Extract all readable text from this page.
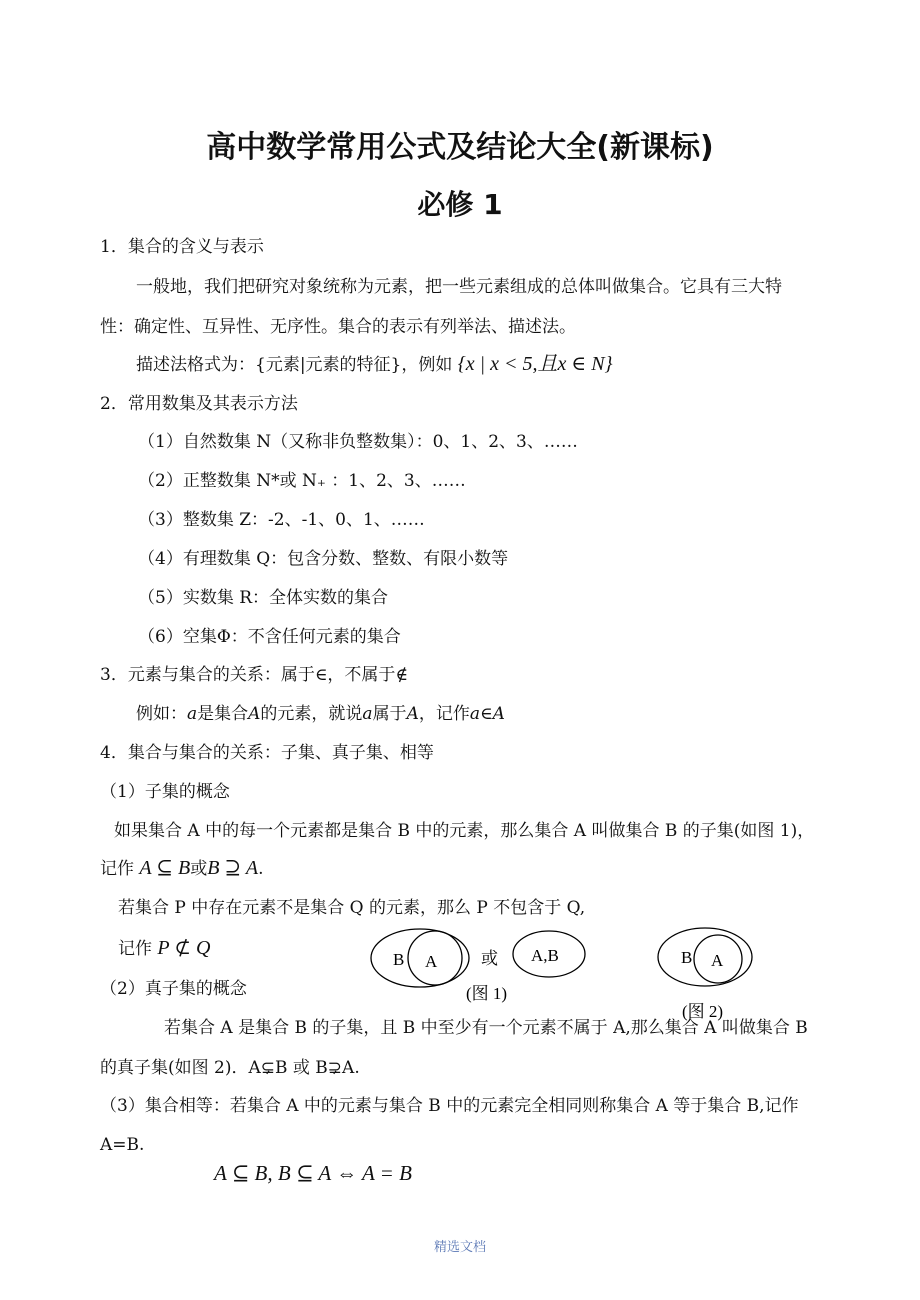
高中数学常用公式及结论大全(新课标)
必修 1
1．集合的含义与表示
一般地，我们把研究对象统称为元素，把一些元素组成的总体叫做集合。它具有三大特
性：确定性、互异性、无序性。集合的表示有列举法、描述法。
描述法格式为：{元素|元素的特征}，例如 {x | x < 5,且x ∈ N}
2．常用数集及其表示方法
（1）自然数集 N（又称非负整数集）：0、1、2、3、……
（2）正整数集 N*或 N₊ ：1、2、3、……
（3）整数集 Z：-2、-1、0、1、……
（4）有理数集 Q：包含分数、整数、有限小数等
（5）实数集 R：全体实数的集合
（6）空集Φ：不含任何元素的集合
3．元素与集合的关系：属于∈，不属于∉
例如：a是集合A的元素，就说a属于A，记作a∈A
4．集合与集合的关系：子集、真子集、相等
（1）子集的概念
如果集合 A 中的每一个元素都是集合 B 中的元素，那么集合 A 叫做集合 B 的子集(如图 1)，
记作 A ⊆ B或B ⊇ A.
若集合 P 中存在元素不是集合 Q 的元素，那么 P 不包含于 Q,
记作 P ⊄ Q
B A	或 A,B
(图 1)
B A
(图 2)
（2）真子集的概念
若集合 A 是集合 B 的子集，且 B 中至少有一个元素不属于 A,那么集合 A 叫做集合 B
的真子集(如图 2)．A⊊B 或 B⊋A.
（3）集合相等：若集合 A 中的元素与集合 B 中的元素完全相同则称集合 A 等于集合 B,记作
A=B.
A ⊆ B, B ⊆ A ⇔ A = B
精选文档
